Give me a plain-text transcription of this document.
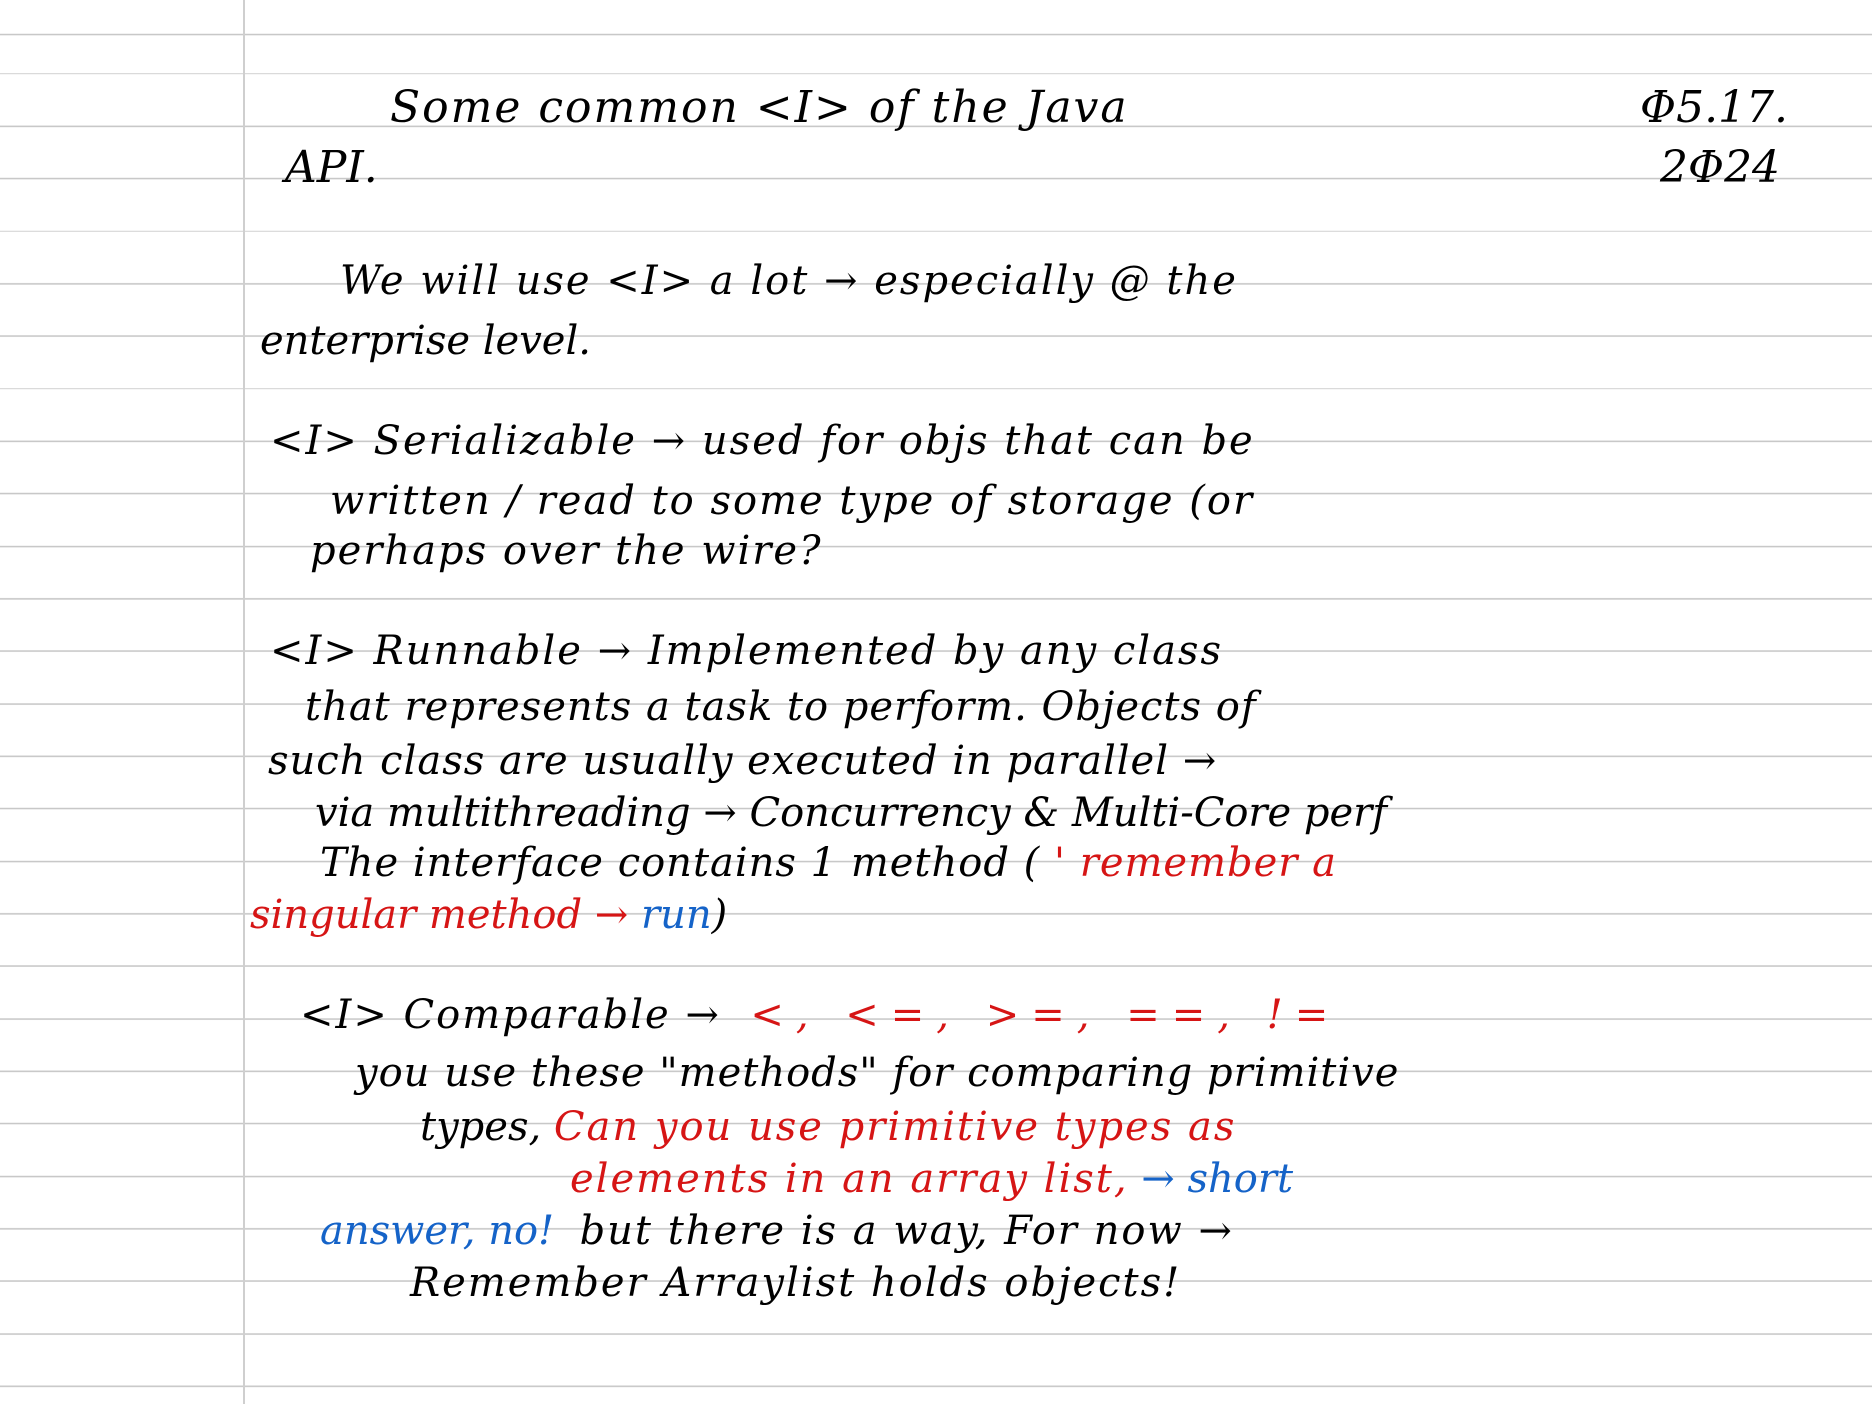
Some common <I> of the Java

API.

Φ5.17.

2Φ24

We will use <I> a lot → especially @ the

enterprise level.

<I> Serializable → used for objs that can be

written / read to some type of storage (or

perhaps over the wire?

<I> Runnable → Implemented by any class

that represents a task to perform. Objects of

such class are usually executed in parallel →

via multithreading → Concurrency & Multi-Core perf

The interface contains 1 method ( ' remember a

singular method → run)

<I> Comparable → <, <=, >=, ==, !=

you use these "methods" for comparing primitive

types, Can you use primitive types as

elements in an array list, → short

answer, no! but there is a way, For now →

Remember Arraylist holds objects!
